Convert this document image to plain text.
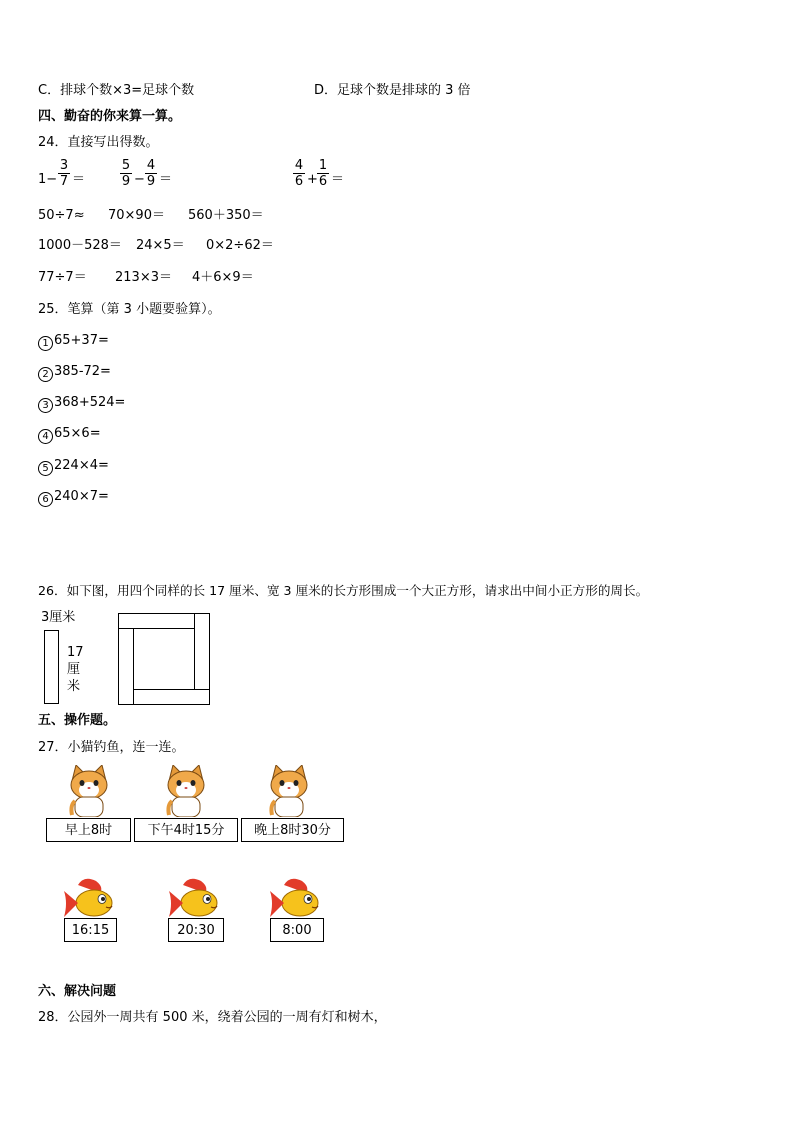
C．排球个数×3=足球个数	D．足球个数是排球的 3 倍
四、勤奋的你来算一算。
24．直接写出得数。
1−
3
7 ＝
5
9 −
4
9 ＝
4
6 +
1
6 ＝
50÷7≈ 70×90＝ 560＋350＝
1000－528＝ 24×5＝ 0×2÷62＝
77÷7＝ 213×3＝ 4＋6×9＝
25．笔算（第 3 小题要验算）。
1 65+37=
2 385-72=
3 368+524=
4 65×6=
5 224×4=
6 240×7=
26．如下图，用四个同样的长 17 厘米、宽 3 厘米的长方形围成一个大正方形，请求出中间小正方形的周长。
3厘米
17
厘
米
五、操作题。
27．小猫钓鱼，连一连。
早上8时	下午4时15分	晚上8时30分
16:15	20:30	8:00
六、解决问题
28．公园外一周共有 500 米，绕着公园的一周有灯和树木，
